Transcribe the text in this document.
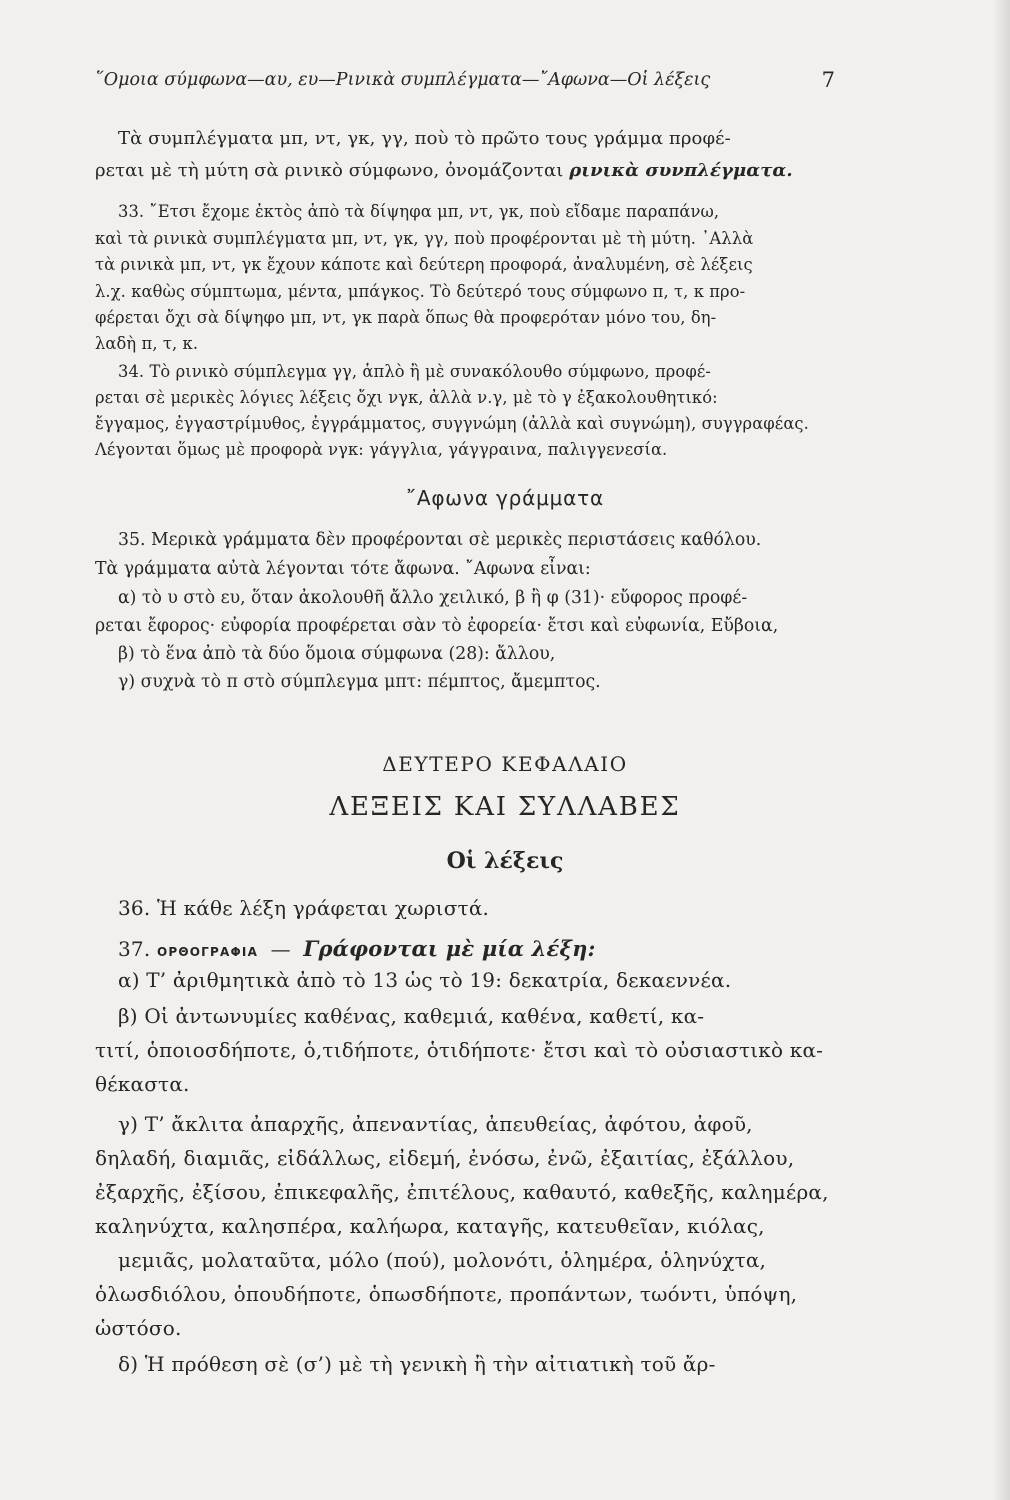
῞Ομοια σύμφωνα—αυ, ευ—Ρινικὰ συμπλέγματα—῎Αφωνα—Οἱ λέξεις	7
Τὰ συμπλέγματα μπ, ντ, γκ, γγ, ποὺ τὸ πρῶτο τους γράμμα προφέ-
ρεται μὲ τὴ μύτη σὰ ρινικὸ σύμφωνο, ὀνομάζονται ρινικὰ συνπλέγματα.
33. ῎Ετσι ἔχομε ἐκτὸς ἀπὸ τὰ δίψηφα μπ, ντ, γκ, ποὺ εἴδαμε παραπάνω,
καὶ τὰ ρινικὰ συμπλέγματα μπ, ντ, γκ, γγ, ποὺ προφέρονται μὲ τὴ μύτη. ᾿Αλλὰ
τὰ ρινικὰ μπ, ντ, γκ ἔχουν κάποτε καὶ δεύτερη προφορά, ἀναλυμένη, σὲ λέξεις
λ.χ. καθὼς σύμπτωμα, μέντα, μπάγκος. Τὸ δεύτερό τους σύμφωνο π, τ, κ προ-
φέρεται ὄχι σὰ δίψηφο μπ, ντ, γκ παρὰ ὅπως θὰ προφερόταν μόνο του, δη-
λαδὴ π, τ, κ.
34. Τὸ ρινικὸ σύμπλεγμα γγ, ἁπλὸ ἢ μὲ συνακόλουθο σύμφωνο, προφέ-
ρεται σὲ μερικὲς λόγιες λέξεις ὄχι νγκ, ἀλλὰ ν.γ, μὲ τὸ γ ἐξακολουθητικό:
ἔγγαμος, ἐγγαστρίμυθος, ἐγγράμματος, συγγνώμη (ἀλλὰ καὶ συγνώμη), συγγραφέας.
Λέγονται ὅμως μὲ προφορὰ νγκ: γάγγλια, γάγγραινα, παλιγγενεσία.
῎Αφωνα γράμματα
35. Μερικὰ γράμματα δὲν προφέρονται σὲ μερικὲς περιστάσεις καθόλου.
Τὰ γράμματα αὐτὰ λέγονται τότε ἄφωνα. ῎Αφωνα εἶναι:
α) τὸ υ στὸ ευ, ὅταν ἀκολουθῆ ἄλλο χειλικό, β ἢ φ (31)· εὔφορος προφέ-
ρεται ἔφορος· εὐφορία προφέρεται σὰν τὸ ἐφορεία· ἔτσι καὶ εὐφωνία, Εὔβοια,
β) τὸ ἕνα ἀπὸ τὰ δύο ὅμοια σύμφωνα (28): ἄλλου,
γ) συχνὰ τὸ π στὸ σύμπλεγμα μπτ: πέμπτος, ἄμεμπτος.
ΔΕΥΤΕΡΟ ΚΕΦΑΛΑΙΟ
ΛΕΞΕΙΣ ΚΑΙ ΣΥΛΛΑΒΕΣ
Οἱ λέξεις
36. Ἡ κάθε λέξη γράφεται χωριστά.
37. ΟΡΘΟΓΡΑΦΙΑ — Γράφονται μὲ μία λέξη:
α) Τ’ ἀριθμητικὰ ἀπὸ τὸ 13 ὡς τὸ 19: δεκατρία, δεκαεννέα.
β) Οἱ ἀντωνυμίες καθένας, καθεμιά, καθένα, καθετί, κα-
τιτί, ὁποιοσδήποτε, ὁ,τιδήποτε, ὁτιδήποτε· ἔτσι καὶ τὸ οὐσιαστικὸ κα-
θέκαστα.
γ) Τ’ ἄκλιτα ἀπαρχῆς, ἀπεναντίας, ἀπευθείας, ἀφότου, ἀφοῦ,
δηλαδή, διαμιᾶς, εἰδάλλως, εἰδεμή, ἐνόσω, ἐνῶ, ἐξαιτίας, ἐξάλλου,
ἐξαρχῆς, ἐξίσου, ἐπικεφαλῆς, ἐπιτέλους, καθαυτό, καθεξῆς, καλημέρα,
καληνύχτα, καλησπέρα, καλήωρα, καταγῆς, κατευθεῖαν, κιόλας,
μεμιᾶς, μολαταῦτα, μόλο (πού), μολονότι, ὁλημέρα, ὁληνύχτα,
ὁλωσδιόλου, ὁπουδήποτε, ὁπωσδήποτε, προπάντων, τωόντι, ὑπόψη,
ὡστόσο.
δ) Ἡ πρόθεση σὲ (σ’) μὲ τὴ γενικὴ ἢ τὴν αἰτιατικὴ τοῦ ἄρ-
